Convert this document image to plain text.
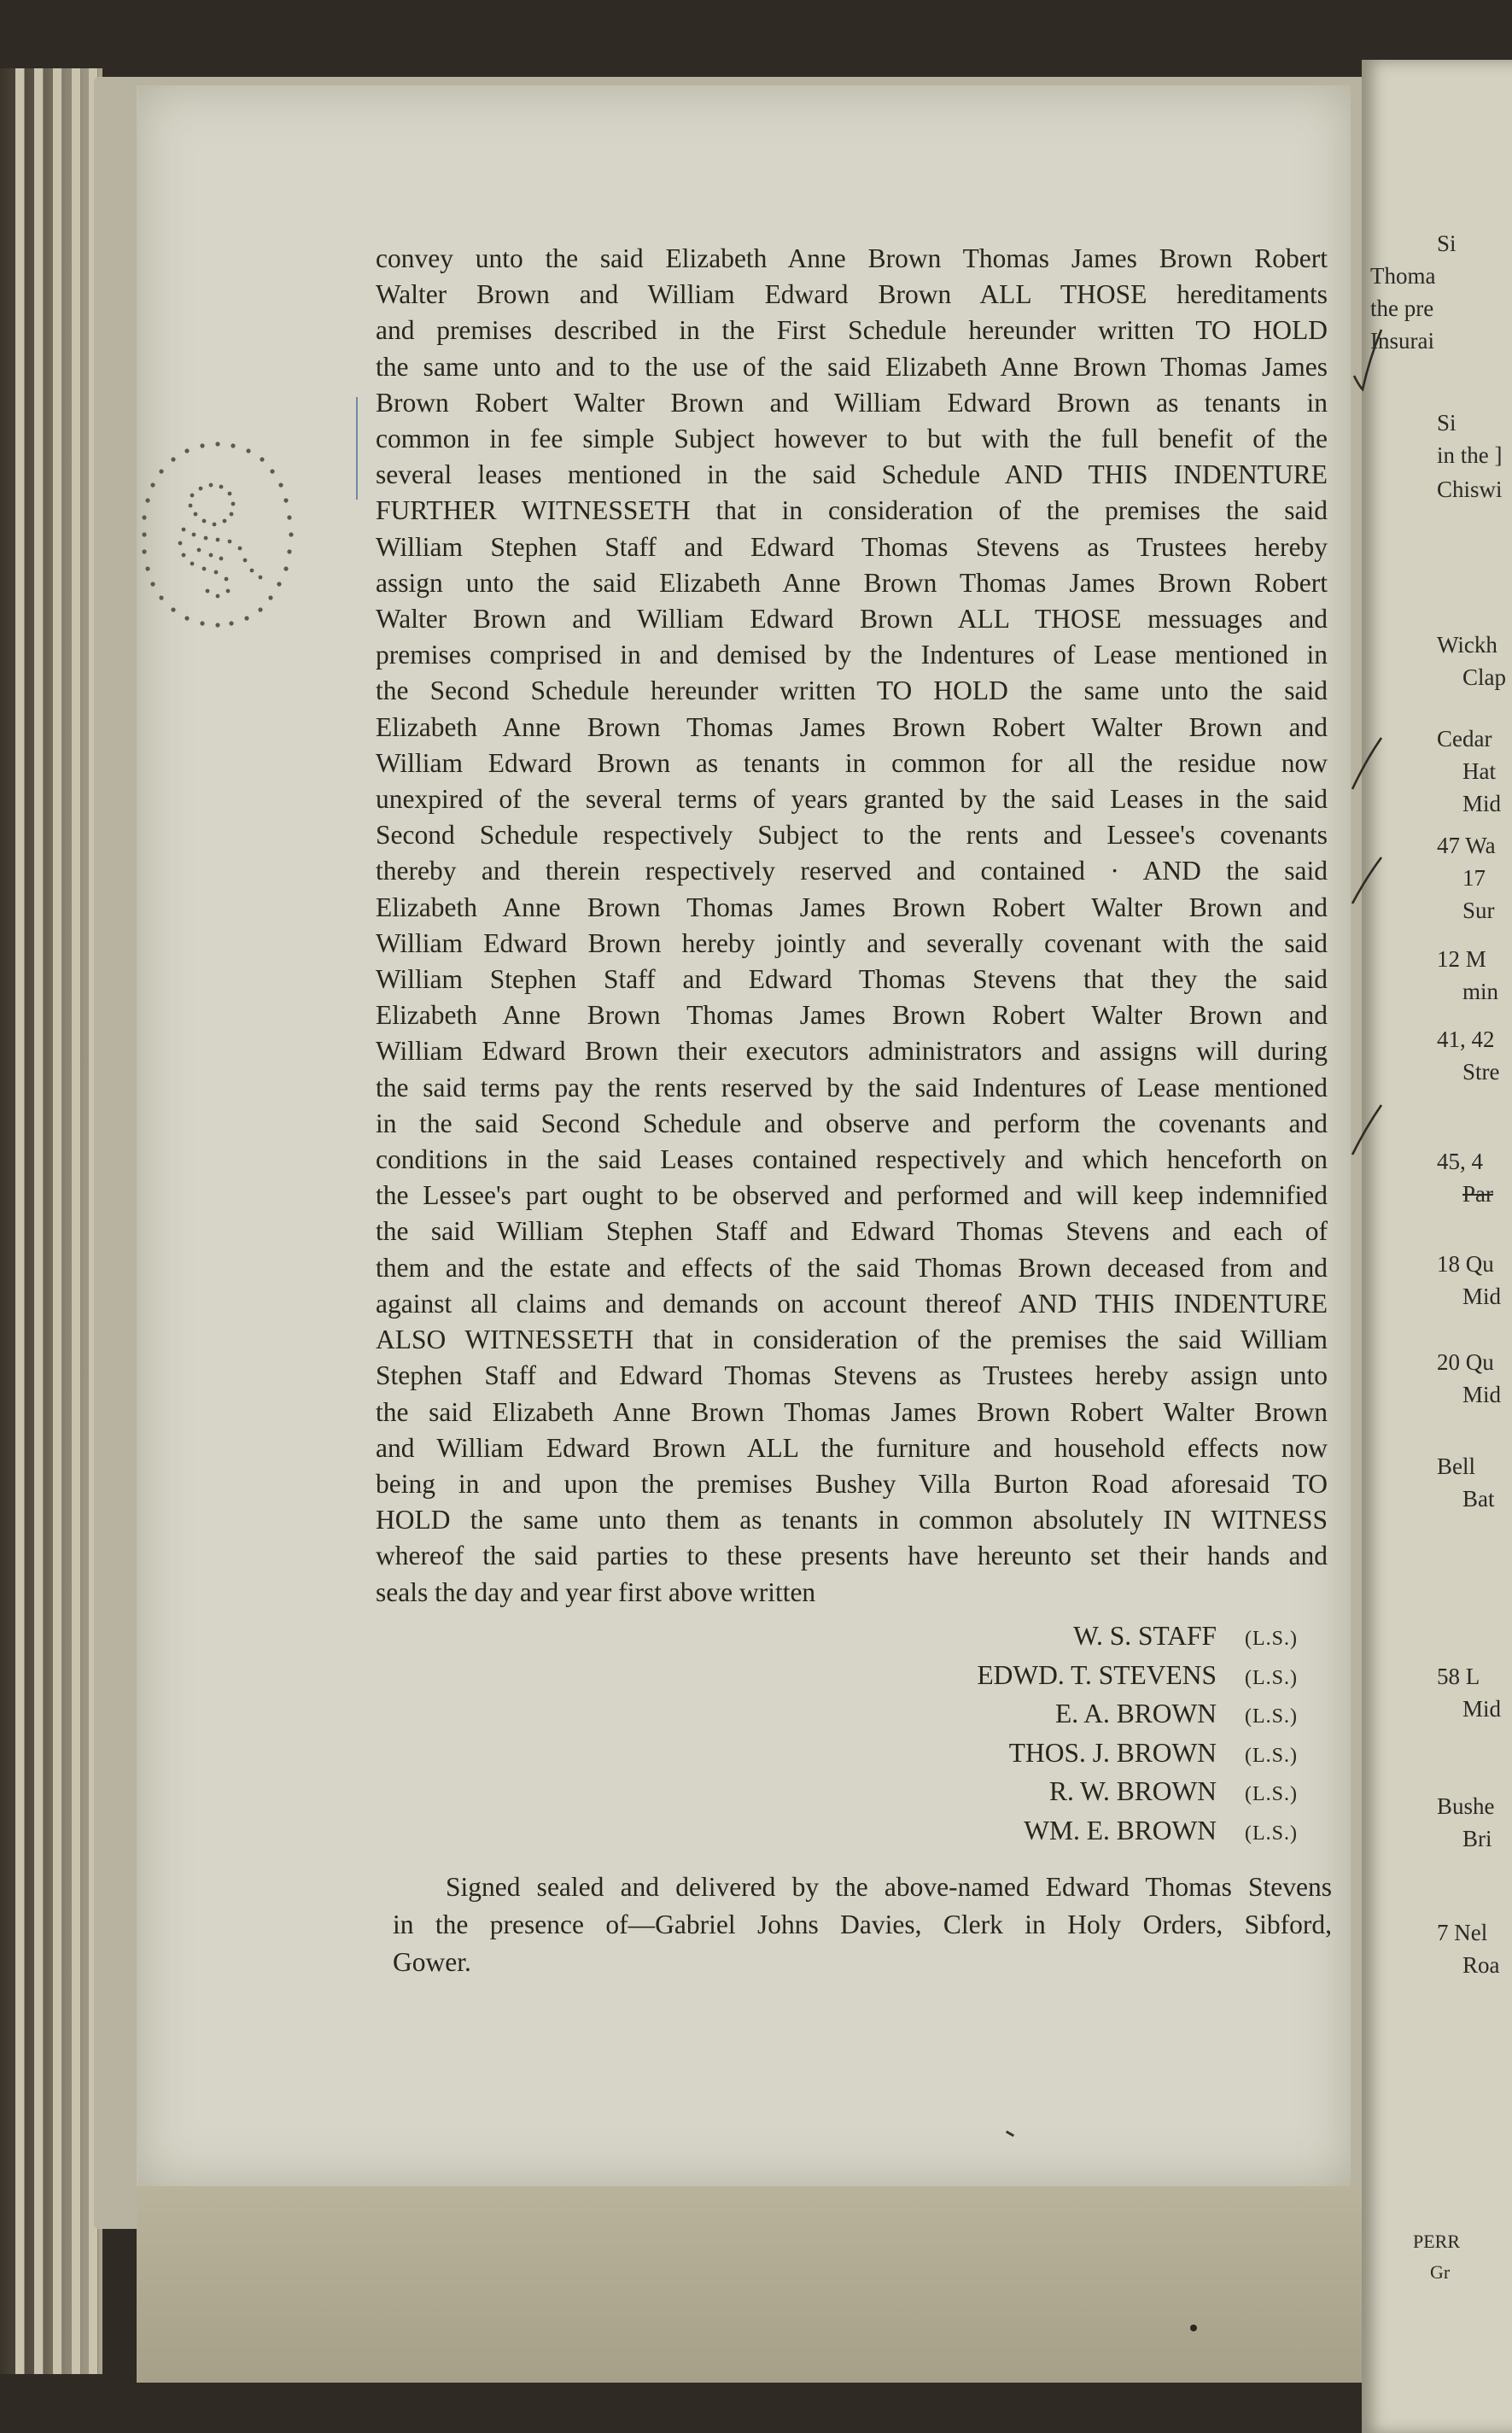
convey unto the said Elizabeth Anne Brown Thomas James Brown Robert
Walter Brown and William Edward Brown ALL THOSE hereditaments
and premises described in the First Schedule hereunder written TO HOLD
the same unto and to the use of the said Elizabeth Anne Brown Thomas James
Brown Robert Walter Brown and William Edward Brown as tenants in
common in fee simple Subject however to but with the full benefit of the
several leases mentioned in the said Schedule AND THIS INDENTURE
FURTHER WITNESSETH that in consideration of the premises the said
William Stephen Staff and Edward Thomas Stevens as Trustees hereby
assign unto the said Elizabeth Anne Brown Thomas James Brown Robert
Walter Brown and William Edward Brown ALL THOSE messuages and
premises comprised in and demised by the Indentures of Lease mentioned in
the Second Schedule hereunder written TO HOLD the same unto the said
Elizabeth Anne Brown Thomas James Brown Robert Walter Brown and
William Edward Brown as tenants in common for all the residue now
unexpired of the several terms of years granted by the said Leases in the said
Second Schedule respectively Subject to the rents and Lessee's covenants
thereby and therein respectively reserved and contained · AND the said
Elizabeth Anne Brown Thomas James Brown Robert Walter Brown and
William Edward Brown hereby jointly and severally covenant with the said
William Stephen Staff and Edward Thomas Stevens that they the said
Elizabeth Anne Brown Thomas James Brown Robert Walter Brown and
William Edward Brown their executors administrators and assigns will during
the said terms pay the rents reserved by the said Indentures of Lease mentioned
in the said Second Schedule and observe and perform the covenants and
conditions in the said Leases contained respectively and which henceforth on
the Lessee's part ought to be observed and performed and will keep indemnified
the said William Stephen Staff and Edward Thomas Stevens and each of
them and the estate and effects of the said Thomas Brown deceased from and
against all claims and demands on account thereof AND THIS INDENTURE
ALSO WITNESSETH that in consideration of the premises the said William
Stephen Staff and Edward Thomas Stevens as Trustees hereby assign unto
the said Elizabeth Anne Brown Thomas James Brown Robert Walter Brown
and William Edward Brown ALL the furniture and household effects now
being in and upon the premises Bushey Villa Burton Road aforesaid TO
HOLD the same unto them as tenants in common absolutely IN WITNESS
whereof the said parties to these presents have hereunto set their hands and
seals the day and year first above written
W. S. STAFF	(L.S.)
EDWD. T. STEVENS	(L.S.)
E. A. BROWN	(L.S.)
THOS. J. BROWN	(L.S.)
R. W. BROWN	(L.S.)
WM. E. BROWN	(L.S.)
Signed sealed and delivered by the above-named Edward Thomas Stevens
in the presence of—Gabriel Johns Davies, Clerk in Holy Orders, Sibford,
Gower.
Si
Thoma
the pre
Insurai
Si
in the ]
Chiswi
Wickh
Clap
Cedar
Hat
Mid
47 Wa
17
Sur
12 M
min
41, 42
Stre
45, 4
Par
18 Qu
Mid
20 Qu
Mid
Bell
Bat
58 L
Mid
Bushe
Bri
7 Nel
Roa
PERR
Gr
